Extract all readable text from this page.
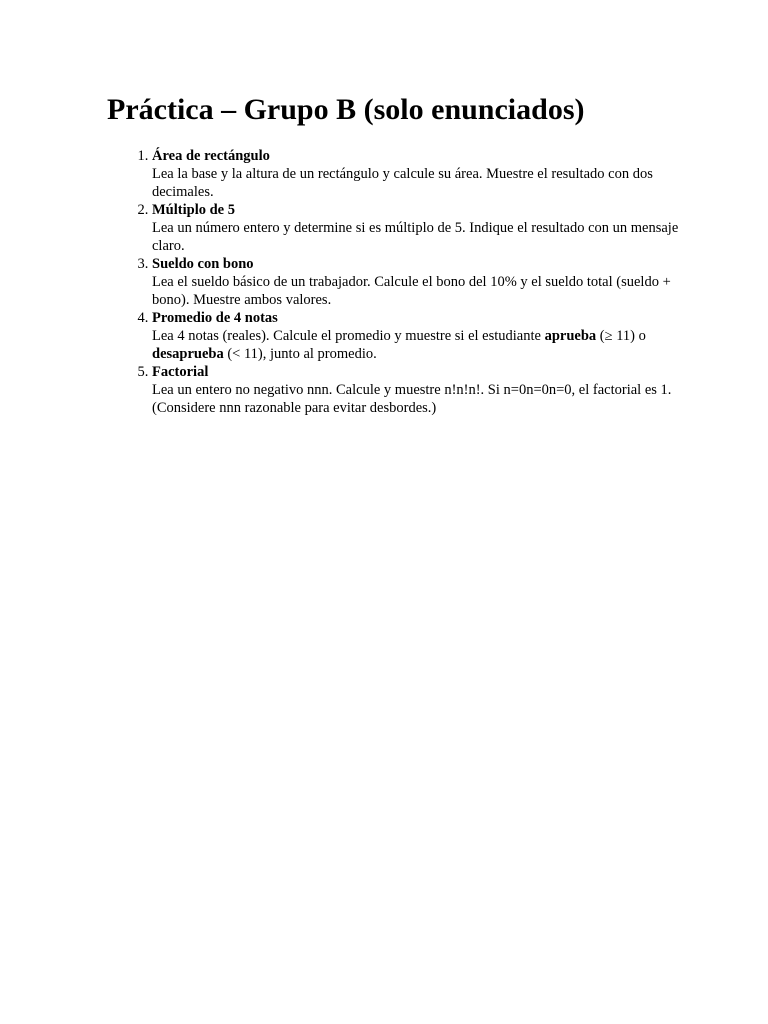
Práctica – Grupo B (solo enunciados)
1. Área de rectángulo
Lea la base y la altura de un rectángulo y calcule su área. Muestre el resultado con dos decimales.
2. Múltiplo de 5
Lea un número entero y determine si es múltiplo de 5. Indique el resultado con un mensaje claro.
3. Sueldo con bono
Lea el sueldo básico de un trabajador. Calcule el bono del 10% y el sueldo total (sueldo + bono). Muestre ambos valores.
4. Promedio de 4 notas
Lea 4 notas (reales). Calcule el promedio y muestre si el estudiante aprueba (≥ 11) o desaprueba (< 11), junto al promedio.
5. Factorial
Lea un entero no negativo nnn. Calcule y muestre n!n!n!. Si n=0n=0n=0, el factorial es 1. (Considere nnn razonable para evitar desbordes.)
